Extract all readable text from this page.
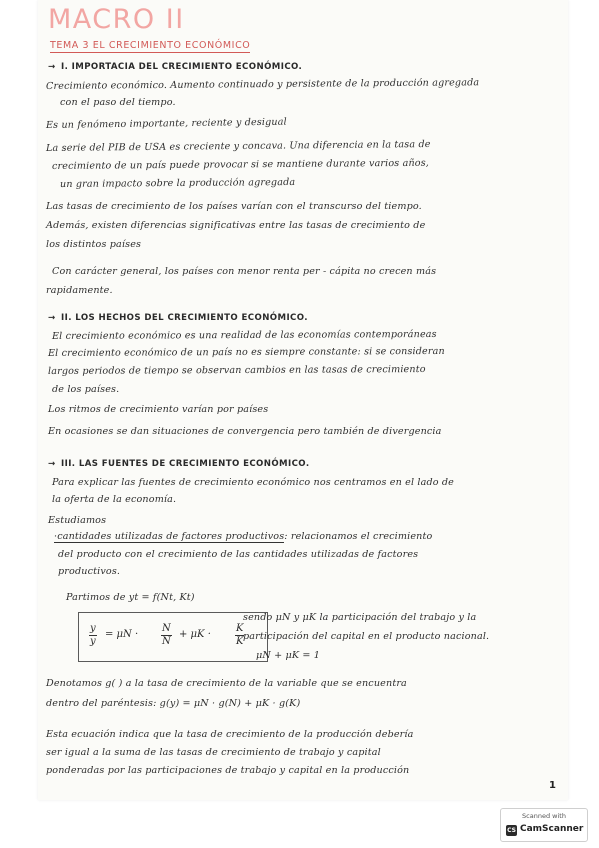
MACRO II
TEMA 3 EL CRECIMIENTO ECONÓMICO
→ I. IMPORTACIA DEL CRECIMIENTO ECONÓMICO.
Crecimiento económico. Aumento continuado y persistente de la producción agregada
con el paso del tiempo.
Es un fenómeno importante, reciente y desigual
La serie del PIB de USA es creciente y concava. Una diferencia en la tasa de
crecimiento de un país puede provocar si se mantiene durante varios años,
un gran impacto sobre la producción agregada
Las tasas de crecimiento de los países varían con el transcurso del tiempo.
Además, existen diferencias significativas entre las tasas de crecimiento de
los distintos países
Con carácter general, los países con menor renta per - cápita no crecen más
rapidamente.
→ II. LOS HECHOS DEL CRECIMIENTO ECONÓMICO.
El crecimiento económico es una realidad de las economías contemporáneas
El crecimiento económico de un país no es siempre constante: si se consideran
largos periodos de tiempo se observan cambios en las tasas de crecimiento
de los países.
Los ritmos de crecimiento varían por países
En ocasiones se dan situaciones de convergencia pero también de divergencia
→ III. LAS FUENTES DE CRECIMIENTO ECONÓMICO.
Para explicar las fuentes de crecimiento económico nos centramos en el lado de
la oferta de la economía.
Estudiamos
·cantidades utilizadas de factores productivos: relacionamos el crecimiento
del producto con el crecimiento de las cantidades utilizadas de factores
productivos.
Partimos de yt = f(Nt, Kt)
$\frac{y}{y} = \mu N \cdot \frac{N}{N} + \mu K \cdot \frac{K}{K}$
sendo μN y μK la participación del trabajo y la
participación del capital en el producto nacional.
μN + μK = 1
Denotamos g( ) a la tasa de crecimiento de la variable que se encuentra
dentro del paréntesis: g(y) = μN · g(N) + μK · g(K)
Esta ecuación indica que la tasa de crecimiento de la producción debería
ser igual a la suma de las tasas de crecimiento de trabajo y capital
ponderadas por las participaciones de trabajo y capital en la producción
1
Scanned with
CS CamScanner
